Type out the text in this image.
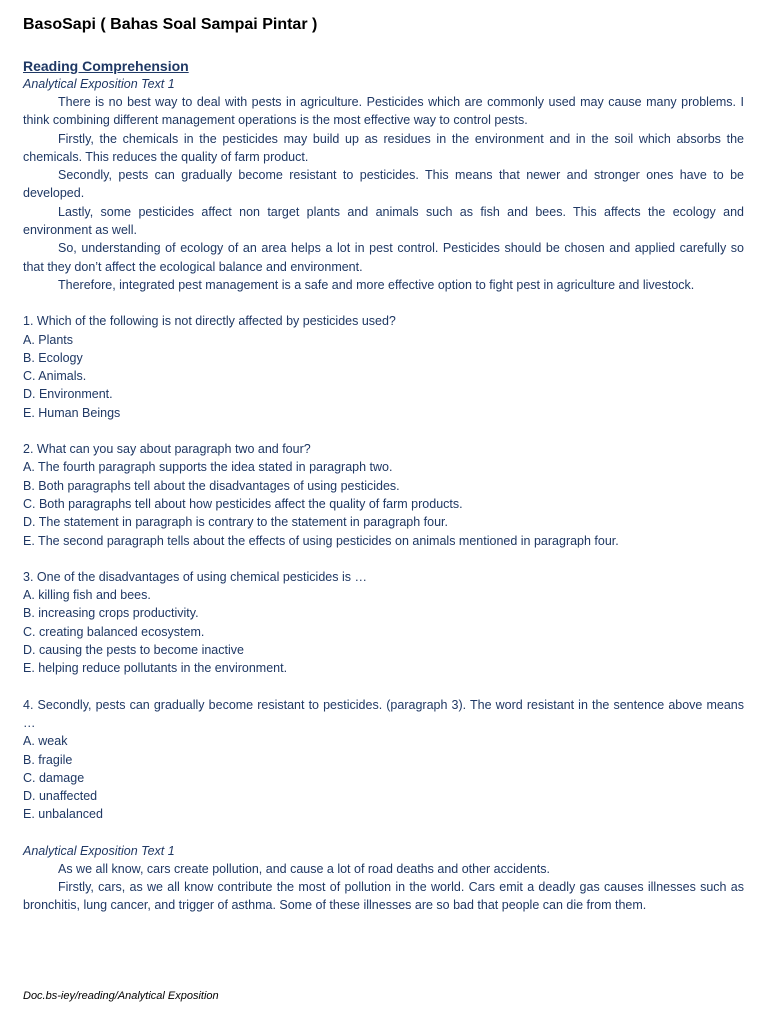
BasoSapi ( Bahas Soal Sampai Pintar )
Reading Comprehension
Analytical Exposition Text 1

There is no best way to deal with pests in agriculture. Pesticides which are commonly used may cause many problems. I think combining different management operations is the most effective way to control pests.

Firstly, the chemicals in the pesticides may build up as residues in the environment and in the soil which absorbs the chemicals. This reduces the quality of farm product.

Secondly, pests can gradually become resistant to pesticides. This means that newer and stronger ones have to be developed.

Lastly, some pesticides affect non target plants and animals such as fish and bees. This affects the ecology and environment as well.

So, understanding of ecology of an area helps a lot in pest control. Pesticides should be chosen and applied carefully so that they don’t affect the ecological balance and environment.

Therefore, integrated pest management is a safe and more effective option to fight pest in agriculture and livestock.

1. Which of the following is not directly affected by pesticides used?

A. Plants

B. Ecology

C. Animals.

D. Environment.

E. Human Beings

2. What can you say about paragraph two and four?

A. The fourth paragraph supports the idea stated in paragraph two.

B. Both paragraphs tell about the disadvantages of using pesticides.

C. Both paragraphs tell about how pesticides affect the quality of farm products.

D. The statement in paragraph is contrary to the statement in paragraph four.

E. The second paragraph tells about the effects of using pesticides on animals mentioned in paragraph four.

3. One of the disadvantages of using chemical pesticides is …

A. killing fish and bees.

B. increasing crops productivity.

C. creating balanced ecosystem.

D. causing the pests to become inactive

E. helping reduce pollutants in the environment.

4. Secondly, pests can gradually become resistant to pesticides. (paragraph 3). The word resistant in the sentence above means …

A. weak

B. fragile

C. damage

D. unaffected

E. unbalanced

Analytical Exposition Text 1

As we all know, cars create pollution, and cause a lot of road deaths and other accidents.

Firstly, cars, as we all know contribute the most of pollution in the world. Cars emit a deadly gas causes illnesses such as bronchitis, lung cancer, and trigger of asthma. Some of these illnesses are so bad that people can die from them.

Doc.bs-iey/reading/Analytical Exposition
